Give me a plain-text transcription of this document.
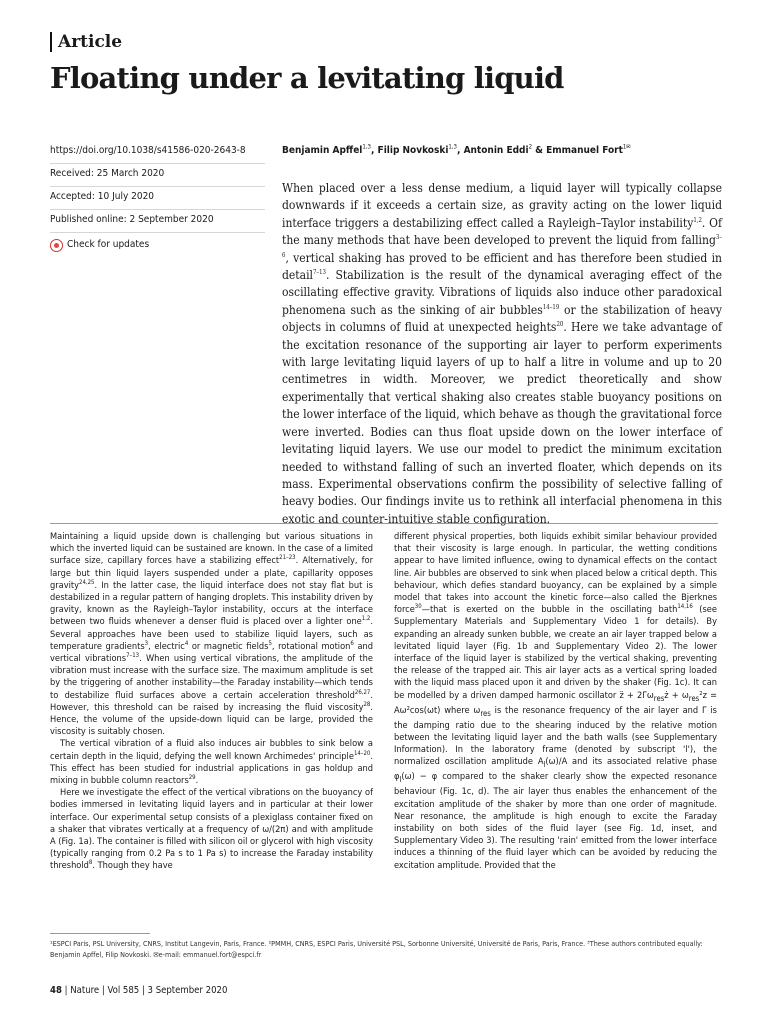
Article
Floating under a levitating liquid
https://doi.org/10.1038/s41586-020-2643-8
Received: 25 March 2020
Accepted: 10 July 2020
Published online: 2 September 2020
Check for updates
Benjamin Apffel$^{1,3}$, Filip Novkoski$^{1,3}$, Antonin Eddi$^2$ & Emmanuel Fort$^{1✉}$
When placed over a less dense medium, a liquid layer will typically collapse downwards if it exceeds a certain size, as gravity acting on the lower liquid interface triggers a destabilizing effect called a Rayleigh–Taylor instability$^{1,2}$. Of the many methods that have been developed to prevent the liquid from falling$^{3-6}$, vertical shaking has proved to be efficient and has therefore been studied in detail$^{7-13}$. Stabilization is the result of the dynamical averaging effect of the oscillating effective gravity. Vibrations of liquids also induce other paradoxical phenomena such as the sinking of air bubbles$^{14-19}$ or the stabilization of heavy objects in columns of fluid at unexpected heights$^{20}$. Here we take advantage of the excitation resonance of the supporting air layer to perform experiments with large levitating liquid layers of up to half a litre in volume and up to 20 centimetres in width. Moreover, we predict theoretically and show experimentally that vertical shaking also creates stable buoyancy positions on the lower interface of the liquid, which behave as though the gravitational force were inverted. Bodies can thus float upside down on the lower interface of levitating liquid layers. We use our model to predict the minimum excitation needed to withstand falling of such an inverted floater, which depends on its mass. Experimental observations confirm the possibility of selective falling of heavy bodies. Our findings invite us to rethink all interfacial phenomena in this exotic and counter-intuitive stable configuration.

Maintaining a liquid upside down is challenging but various situations in which the inverted liquid can be sustained are known. In the case of a limited surface size, capillary forces have a stabilizing effect$^{21-23}$. Alternatively, for large but thin liquid layers suspended under a plate, capillarity opposes gravity$^{24,25}$. In the latter case, the liquid interface does not stay flat but is destabilized in a regular pattern of hanging droplets. This instability driven by gravity, known as the Rayleigh–Taylor instability, occurs at the interface between two fluids whenever a denser fluid is placed over a lighter one$^{1,2}$. Several approaches have been used to stabilize liquid layers, such as temperature gradients$^3$, electric$^4$ or magnetic fields$^5$, rotational motion$^6$ and vertical vibrations$^{7-13}$. When using vertical vibrations, the amplitude of the vibration must increase with the surface size. The maximum amplitude is set by the triggering of another instability—the Faraday instability—which tends to destabilize fluid surfaces above a certain acceleration threshold$^{26,27}$. However, this threshold can be raised by increasing the fluid viscosity$^{28}$. Hence, the volume of the upside-down liquid can be large, provided the viscosity is suitably chosen.

The vertical vibration of a fluid also induces air bubbles to sink below a certain depth in the liquid, defying the well known Archimedes' principle$^{14-20}$. This effect has been studied for industrial applications in gas holdup and mixing in bubble column reactors$^{29}$.

Here we investigate the effect of the vertical vibrations on the buoyancy of bodies immersed in levitating liquid layers and in particular at their lower interface. Our experimental setup consists of a plexiglass container fixed on a shaker that vibrates vertically at a frequency of ω/(2π) and with amplitude A (Fig. 1a). The container is filled with silicon oil or glycerol with high viscosity (typically ranging from 0.2 Pa s to 1 Pa s) to increase the Faraday instability threshold$^8$. Though they have

different physical properties, both liquids exhibit similar behaviour provided that their viscosity is large enough. In particular, the wetting conditions appear to have limited influence, owing to dynamical effects on the contact line. Air bubbles are observed to sink when placed below a critical depth. This behaviour, which defies standard buoyancy, can be explained by a simple model that takes into account the kinetic force—also called the Bjerknes force$^{30}$—that is exerted on the bubble in the oscillating bath$^{14,16}$ (see Supplementary Materials and Supplementary Video 1 for details). By expanding an already sunken bubble, we create an air layer trapped below a levitated liquid layer (Fig. 1b and Supplementary Video 2). The lower interface of the liquid layer is stabilized by the vertical shaking, preventing the release of the trapped air. This air layer acts as a vertical spring loaded with the liquid mass placed upon it and driven by the shaker (Fig. 1c). It can be modelled by a driven damped harmonic oscillator z̈ + $2\Gamma\omega_{res}ż + \omega_{res}^2z = A\omega^2\cos(\omega t)$ where $\omega_{res}$ is the resonance frequency of the air layer and Γ is the damping ratio due to the shearing induced by the relative motion between the levitating liquid layer and the bath walls (see Supplementary Information). In the laboratory frame (denoted by subscript 'l'), the normalized oscillation amplitude $A_l(\omega)/A$ and its associated relative phase $\varphi_l(\omega) - \varphi$ compared to the shaker clearly show the expected resonance behaviour (Fig. 1c, d). The air layer thus enables the enhancement of the excitation amplitude of the shaker by more than one order of magnitude. Near resonance, the amplitude is high enough to excite the Faraday instability on both sides of the fluid layer (see Fig. 1d, inset, and Supplementary Video 3). The resulting 'rain' emitted from the lower interface induces a thinning of the fluid layer which can be avoided by reducing the excitation amplitude. Provided that the

¹ESPCI Paris, PSL University, CNRS, Institut Langevin, Paris, France. ²PMMH, CNRS, ESPCI Paris, Université PSL, Sorbonne Université, Université de Paris, Paris, France. ³These authors contributed equally: Benjamin Apffel, Filip Novkoski. ✉e-mail: emmanuel.fort@espci.fr
48 | Nature | Vol 585 | 3 September 2020
